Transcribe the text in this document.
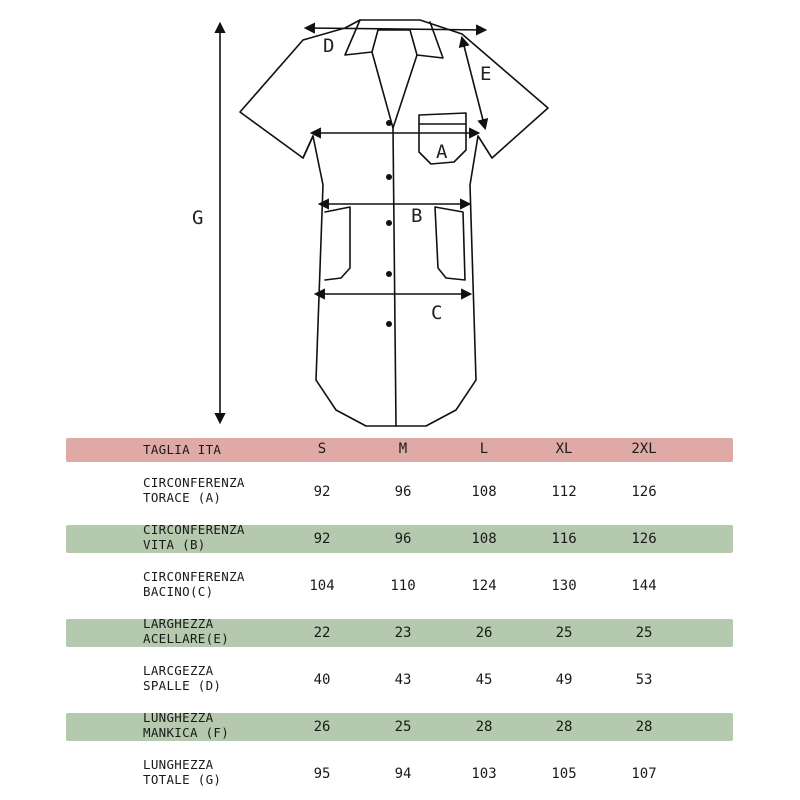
G
D
E
A
B
C
TAGLIA ITA	S	M	L	XL	2XL
CIRCONFERENZA
TORACE (A)	92	96	108	112	126
CIRCONFERENZA
VITA (B)	92	96	108	116	126
CIRCONFERENZA
BACINO(C)	104	110	124	130	144
LARGHEZZA
ACELLARE(E)	22	23	26	25	25
LARCGEZZA
SPALLE (D)	40	43	45	49	53
LUNGHEZZA
MANKICA (F)	26	25	28	28	28
LUNGHEZZA
TOTALE (G)	95	94	103	105	107
